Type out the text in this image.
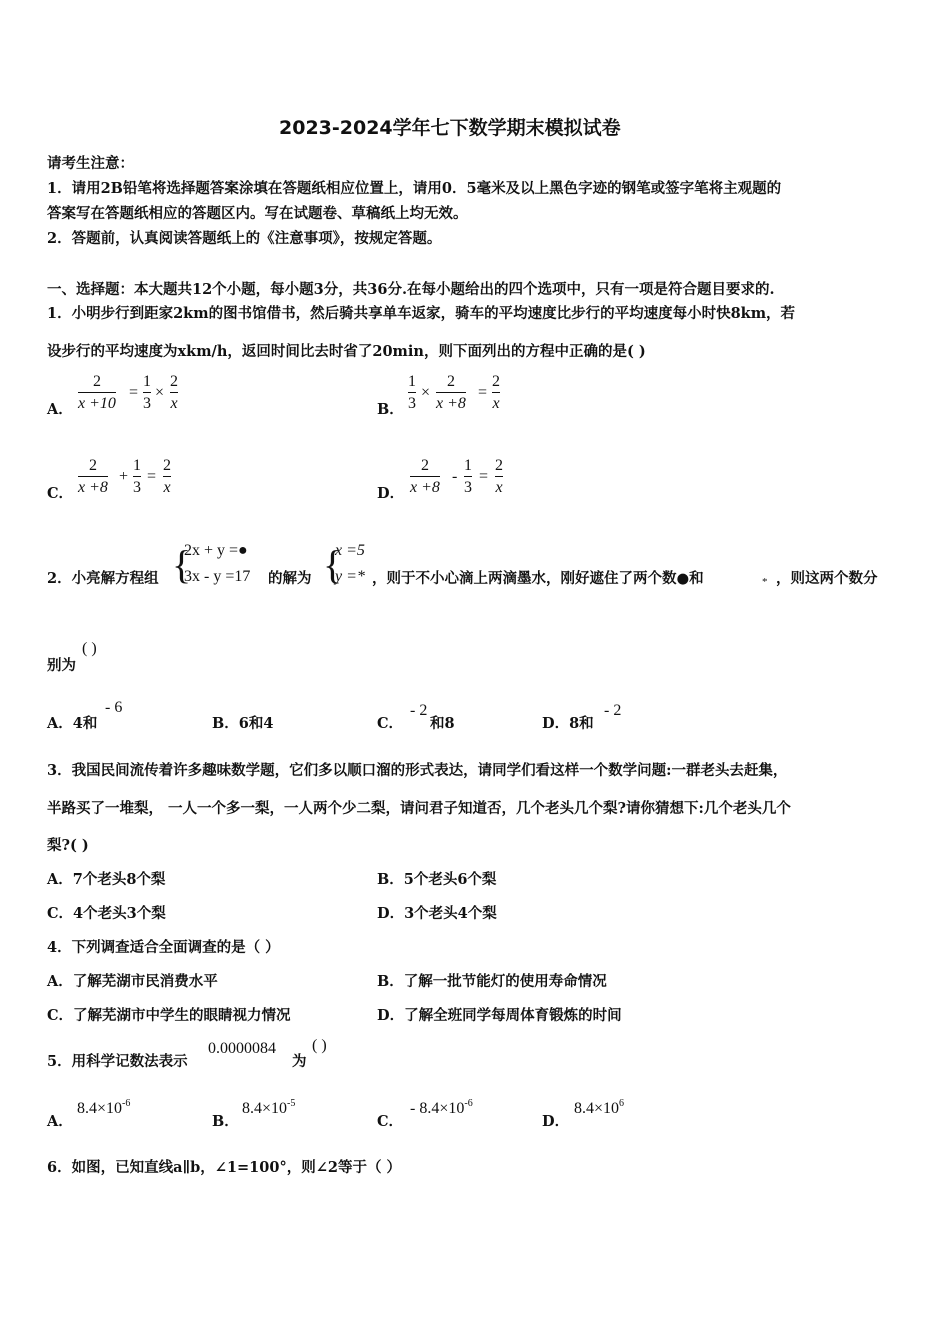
2023-2024学年七下数学期末模拟试卷
请考生注意：
1．请用2B铅笔将选择题答案涂填在答题纸相应位置上，请用0．5毫米及以上黑色字迹的钢笔或签字笔将主观题的
答案写在答题纸相应的答题区内。写在试题卷、草稿纸上均无效。
2．答题前，认真阅读答题纸上的《注意事项》，按规定答题。
一、选择题：本大题共12个小题，每小题3分，共36分.在每小题给出的四个选项中，只有一项是符合题目要求的.
1．小明步行到距家2km的图书馆借书，然后骑共享单车返家，骑车的平均速度比步行的平均速度每小时快8km，若
设步行的平均速度为xkm/h，返回时间比去时省了20min，则下面列出的方程中正确的是( )
A．
2
x +10
=
1
3
×
2
x	B．
1
3
×
2
x +8
=
2
x
C．
2
x +8
+
1
3
=
2
x	D．
2
x +8
-
1
3
=
2
x
2．小亮解方程组 {
2x + y =●
3x - y =17 的解为 {
x =5
y =* ，则于不小心滴上两滴墨水，刚好遮住了两个数●和	* ，则这两个数分
别为
( )
A．4和
- 6
B．6和4	C．
- 2
和8	D．8和
- 2
3．我国民间流传着许多趣味数学题，它们多以顺口溜的形式表达，请同学们看这样一个数学问题:一群老头去赶集，
半路买了一堆梨， 一人一个多一梨，一人两个少二梨，请问君子知道否，几个老头几个梨?请你猜想下:几个老头几个
梨?( )
A．7个老头8个梨	B．5个老头6个梨
C．4个老头3个梨	D．3个老头4个梨
4．下列调查适合全面调查的是（ ）
A．了解芜湖市民消费水平	B．了解一批节能灯的使用寿命情况
C．了解芜湖市中学生的眼睛视力情况	D．了解全班同学每周体育锻炼的时间
5．用科学记数法表示
0.0000084
为
( )
A．
$8.4\times 10^{-6}$
B．
$8.4\times 10^{-5}$
C．
- $8.4\times 10^{-6}$
D．
$8.4\times 10^6$
6．如图，已知直线a∥b，∠1=100°，则∠2等于（ ）
